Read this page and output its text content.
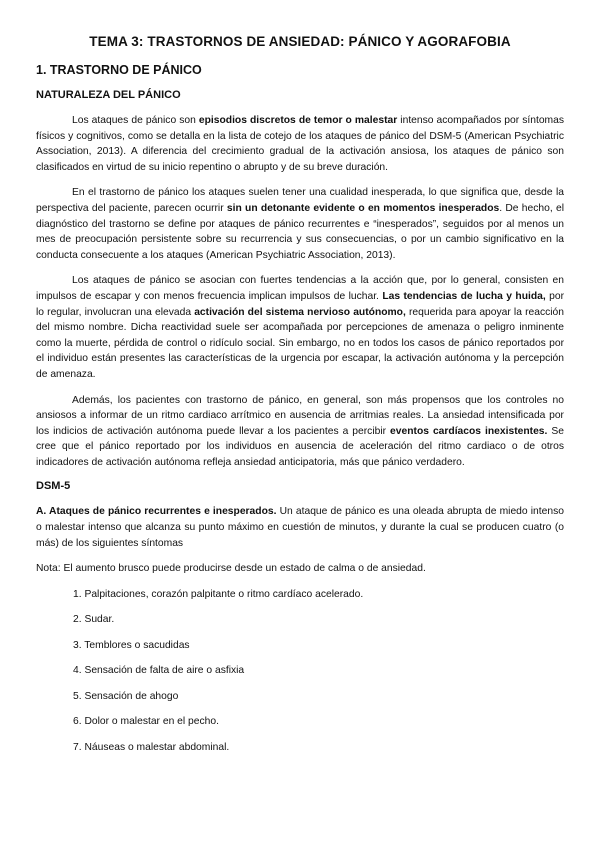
TEMA 3: TRASTORNOS DE ANSIEDAD: PÁNICO Y AGORAFOBIA
1. TRASTORNO DE PÁNICO
NATURALEZA DEL PÁNICO

Los ataques de pánico son episodios discretos de temor o malestar intenso acompañados por síntomas físicos y cognitivos, como se detalla en la lista de cotejo de los ataques de pánico del DSM-5 (American Psychiatric Association, 2013). A diferencia del crecimiento gradual de la activación ansiosa, los ataques de pánico son clasificados en virtud de su inicio repentino o abrupto y de su breve duración.

En el trastorno de pánico los ataques suelen tener una cualidad inesperada, lo que significa que, desde la perspectiva del paciente, parecen ocurrir sin un detonante evidente o en momentos inesperados. De hecho, el diagnóstico del trastorno se define por ataques de pánico recurrentes e “inesperados”, seguidos por al menos un mes de preocupación persistente sobre su recurrencia y sus consecuencias, o por un cambio significativo en la conducta consecuente a los ataques (American Psychiatric Association, 2013).

Los ataques de pánico se asocian con fuertes tendencias a la acción que, por lo general, consisten en impulsos de escapar y con menos frecuencia implican impulsos de luchar. Las tendencias de lucha y huida, por lo regular, involucran una elevada activación del sistema nervioso autónomo, requerida para apoyar la reacción del mismo nombre. Dicha reactividad suele ser acompañada por percepciones de amenaza o peligro inminente como la muerte, pérdida de control o ridículo social. Sin embargo, no en todos los casos de pánico reportados por el individuo están presentes las características de la urgencia por escapar, la activación autónoma y la percepción de amenaza.

Además, los pacientes con trastorno de pánico, en general, son más propensos que los controles no ansiosos a informar de un ritmo cardiaco arrítmico en ausencia de arritmias reales. La ansiedad intensificada por los indicios de activación autónoma puede llevar a los pacientes a percibir eventos cardíacos inexistentes. Se cree que el pánico reportado por los individuos en ausencia de aceleración del ritmo cardiaco o de otros indicadores de activación autónoma refleja ansiedad anticipatoria, más que pánico verdadero.

DSM-5

A. Ataques de pánico recurrentes e inesperados. Un ataque de pánico es una oleada abrupta de miedo intenso o malestar intenso que alcanza su punto máximo en cuestión de minutos, y durante la cual se producen cuatro (o más) de los siguientes síntomas

Nota: El aumento brusco puede producirse desde un estado de calma o de ansiedad.

1. Palpitaciones, corazón palpitante o ritmo cardíaco acelerado.
2. Sudar.
3. Temblores o sacudidas
4. Sensación de falta de aire o asfixia
5. Sensación de ahogo
6. Dolor o malestar en el pecho.
7. Náuseas o malestar abdominal.
